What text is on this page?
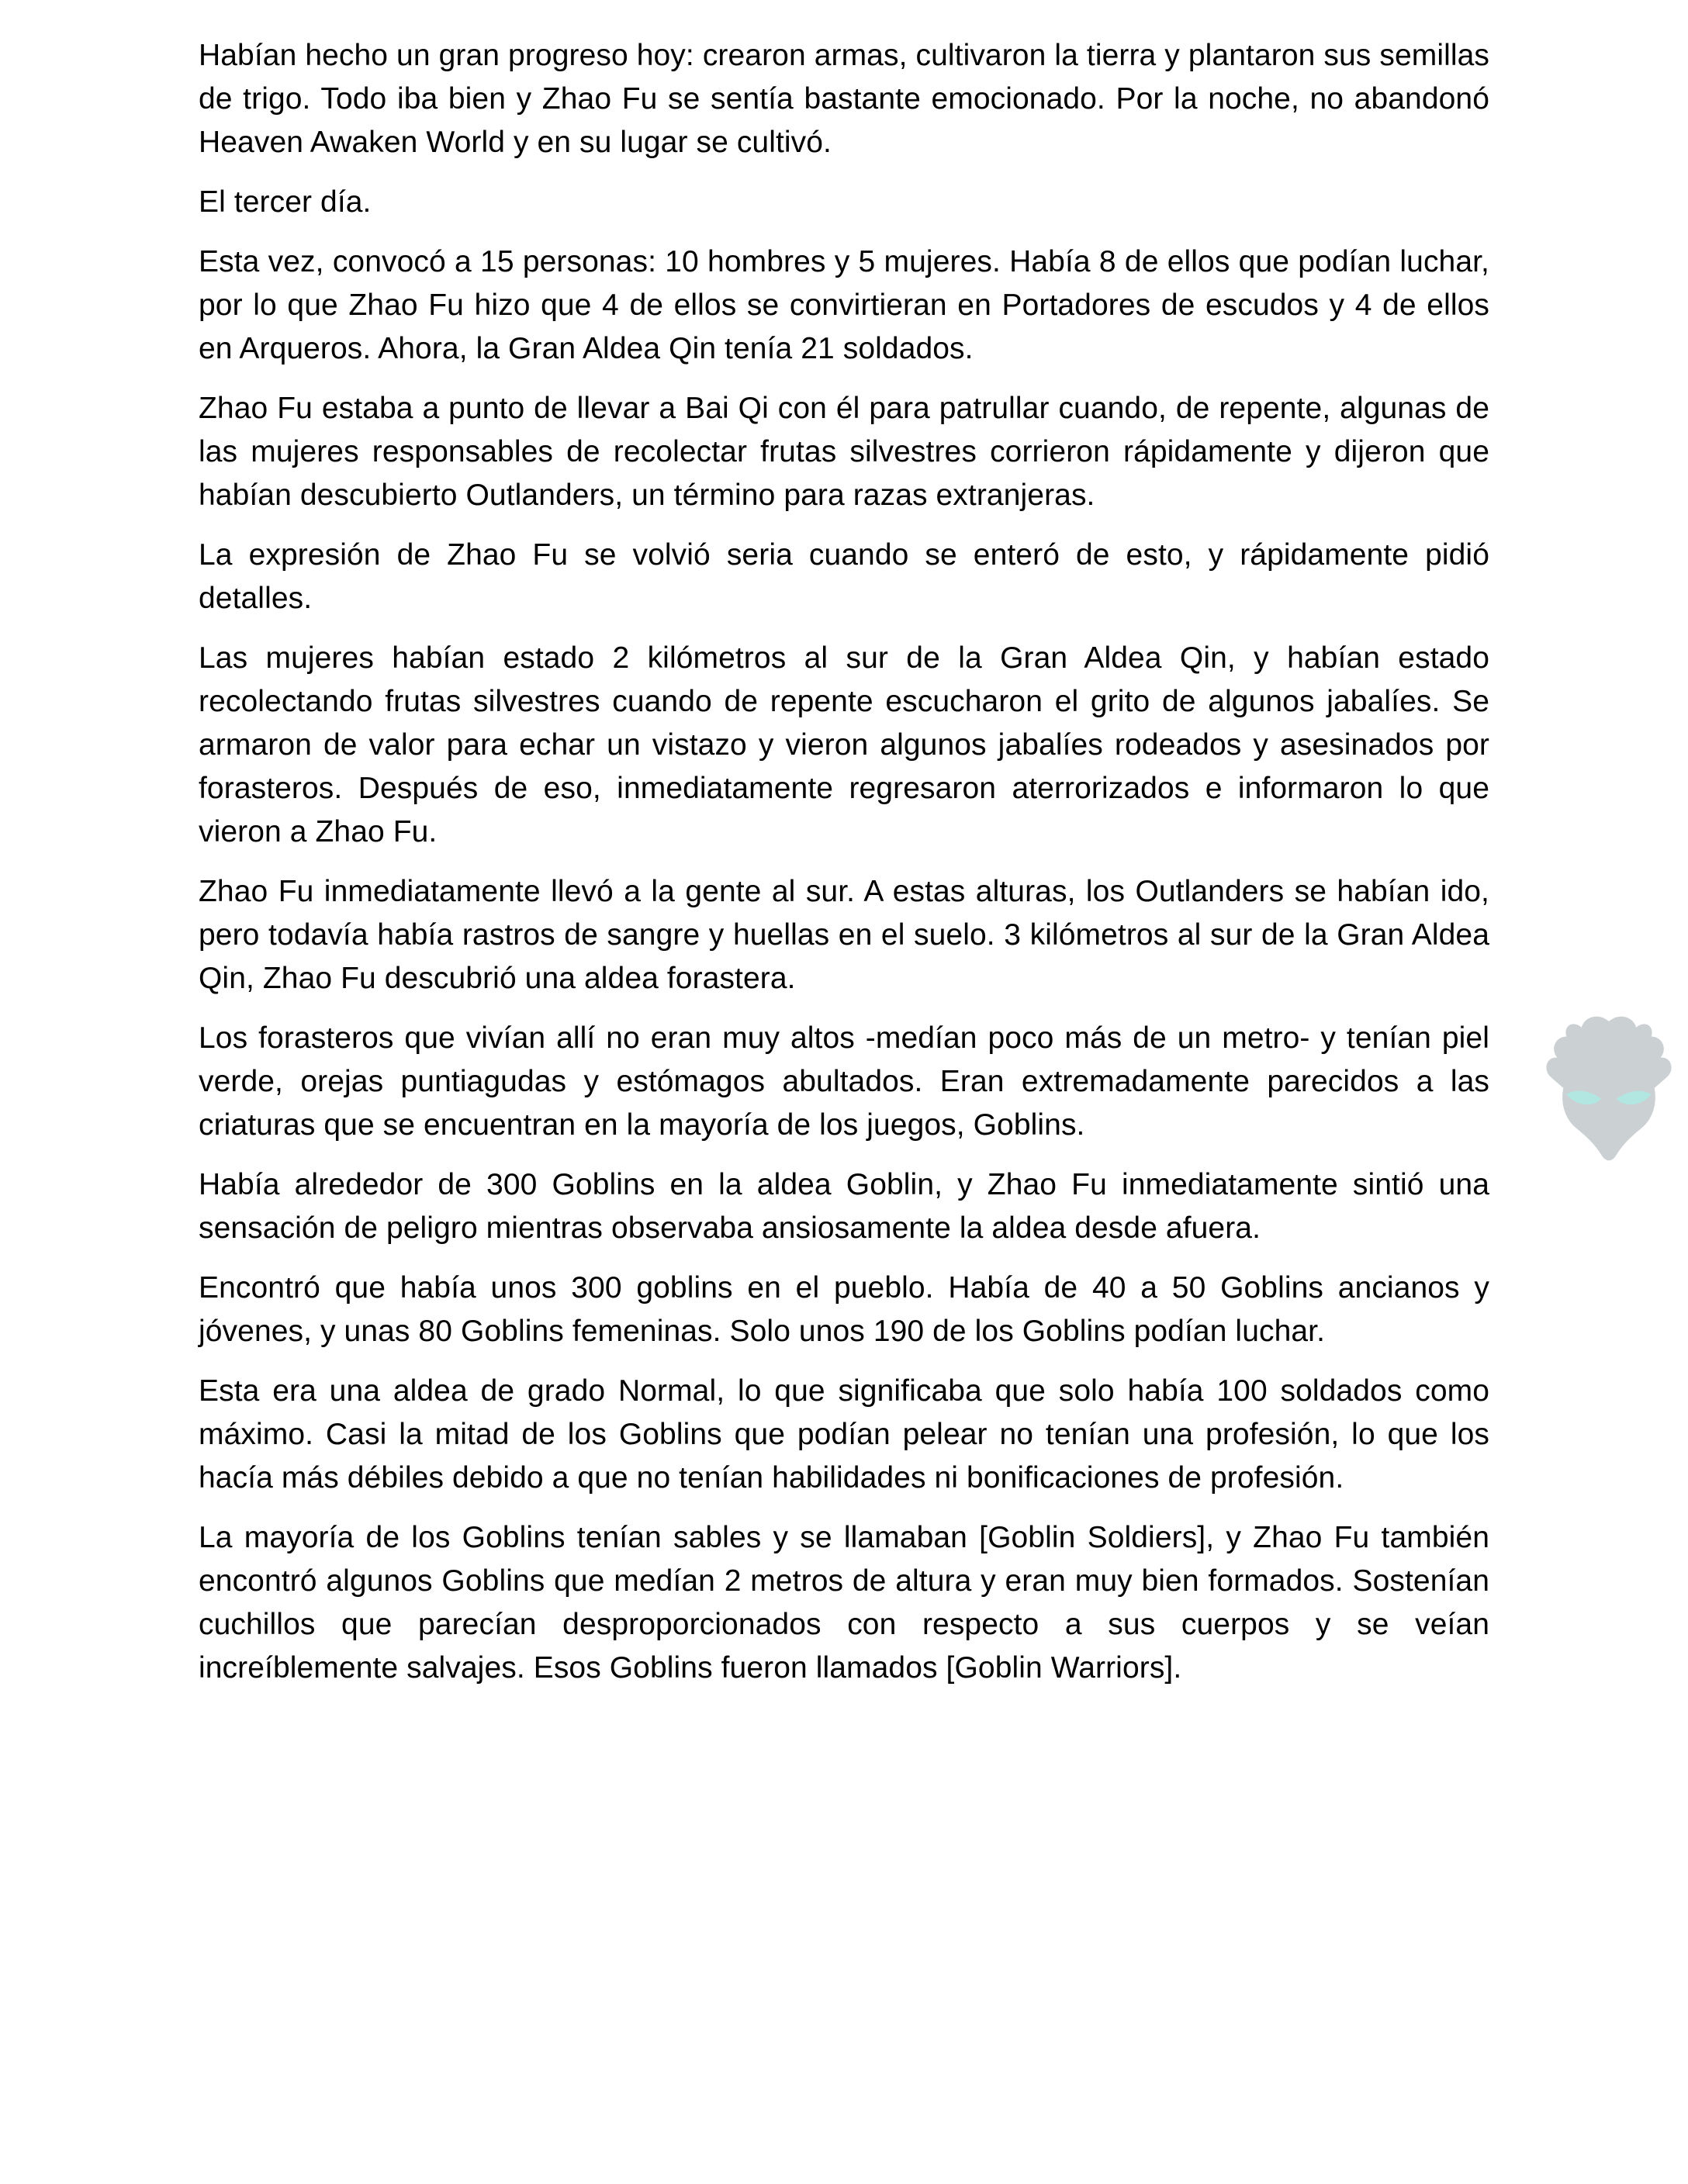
Habían hecho un gran progreso hoy: crearon armas, cultivaron la tierra y plantaron sus semillas de trigo. Todo iba bien y Zhao Fu se sentía bastante emocionado. Por la noche, no abandonó Heaven Awaken World y en su lugar se cultivó.

El tercer día.

Esta vez, convocó a 15 personas: 10 hombres y 5 mujeres. Había 8 de ellos que podían luchar, por lo que Zhao Fu hizo que 4 de ellos se convirtieran en Portadores de escudos y 4 de ellos en Arqueros. Ahora, la Gran Aldea Qin tenía 21 soldados.

Zhao Fu estaba a punto de llevar a Bai Qi con él para patrullar cuando, de repente, algunas de las mujeres responsables de recolectar frutas silvestres corrieron rápidamente y dijeron que habían descubierto Outlanders, un término para razas extranjeras.

La expresión de Zhao Fu se volvió seria cuando se enteró de esto, y rápidamente pidió detalles.

Las mujeres habían estado 2 kilómetros al sur de la Gran Aldea Qin, y habían estado recolectando frutas silvestres cuando de repente escucharon el grito de algunos jabalíes. Se armaron de valor para echar un vistazo y vieron algunos jabalíes rodeados y asesinados por forasteros. Después de eso, inmediatamente regresaron aterrorizados e informaron lo que vieron a Zhao Fu.

Zhao Fu inmediatamente llevó a la gente al sur. A estas alturas, los Outlanders se habían ido, pero todavía había rastros de sangre y huellas en el suelo. 3 kilómetros al sur de la Gran Aldea Qin, Zhao Fu descubrió una aldea forastera.

Los forasteros que vivían allí no eran muy altos -medían poco más de un metro- y tenían piel verde, orejas puntiagudas y estómagos abultados. Eran extremadamente parecidos a las criaturas que se encuentran en la mayoría de los juegos, Goblins.

Había alrededor de 300 Goblins en la aldea Goblin, y Zhao Fu inmediatamente sintió una sensación de peligro mientras observaba ansiosamente la aldea desde afuera.

Encontró que había unos 300 goblins en el pueblo. Había de 40 a 50 Goblins ancianos y jóvenes, y unas 80 Goblins femeninas. Solo unos 190 de los Goblins podían luchar.

Esta era una aldea de grado Normal, lo que significaba que solo había 100 soldados como máximo. Casi la mitad de los Goblins que podían pelear no tenían una profesión, lo que los hacía más débiles debido a que no tenían habilidades ni bonificaciones de profesión.

La mayoría de los Goblins tenían sables y se llamaban [Goblin Soldiers], y Zhao Fu también encontró algunos Goblins que medían 2 metros de altura y eran muy bien formados. Sostenían cuchillos que parecían desproporcionados con respecto a sus cuerpos y se veían increíblemente salvajes. Esos Goblins fueron llamados [Goblin Warriors].
